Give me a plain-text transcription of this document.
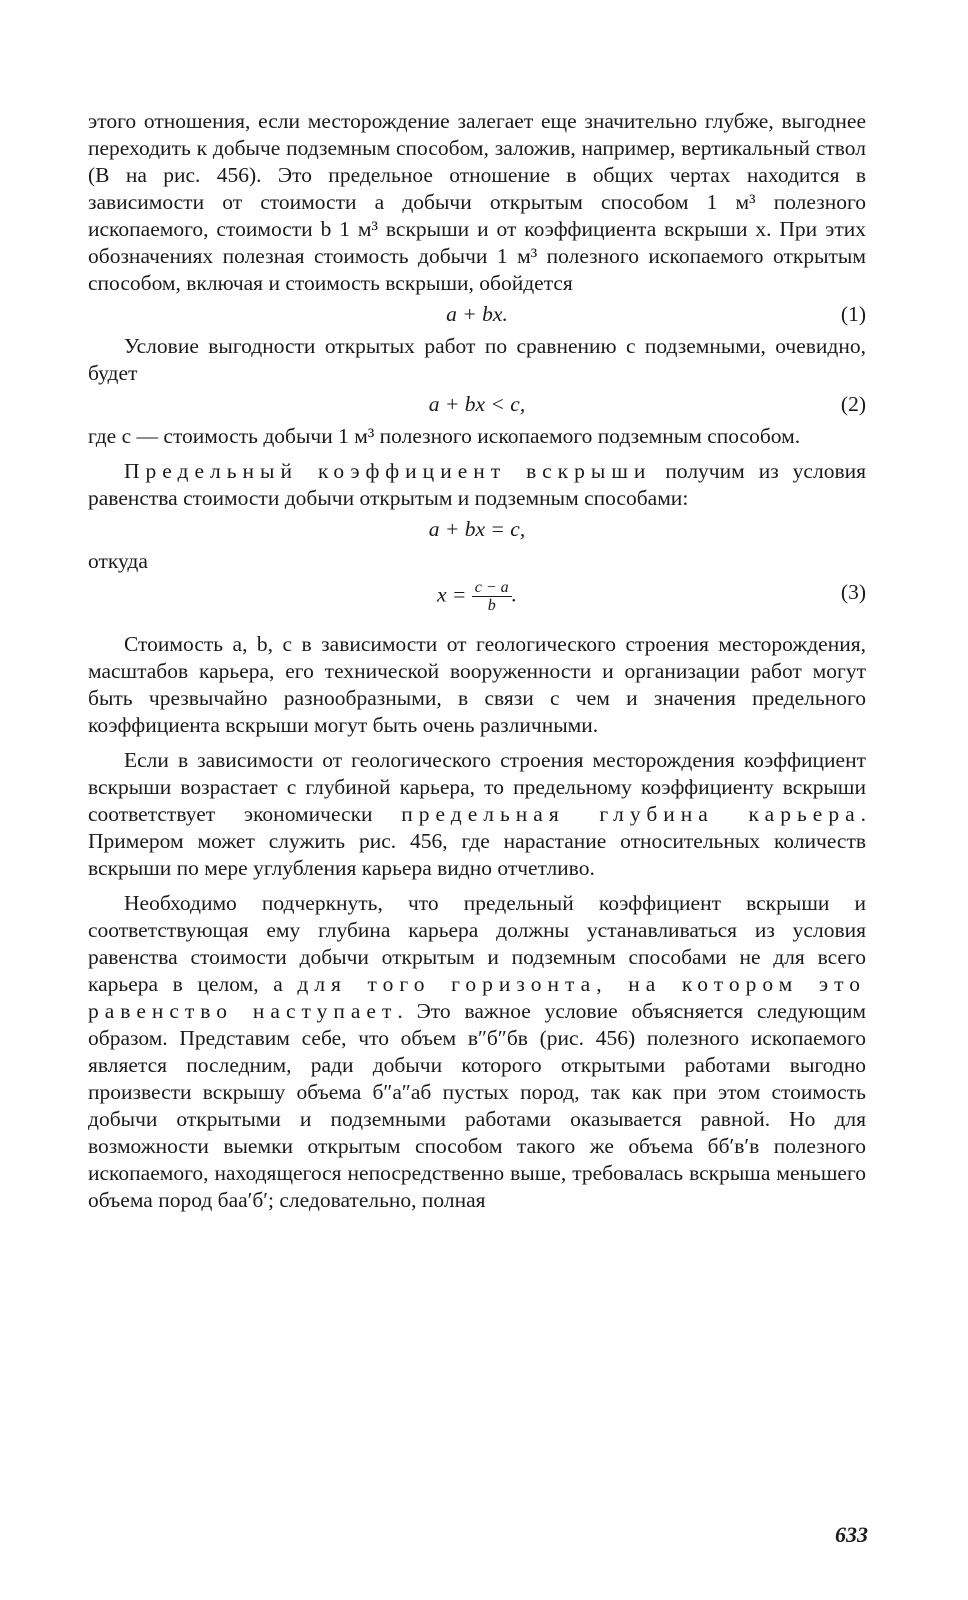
этого отношения, если месторождение залегает еще значительно глубже, выгоднее переходить к добыче подземным способом, заложив, например, вертикальный ствол (B на рис. 456). Это предельное отношение в общих чертах находится в зависимости от стоимости a добычи открытым способом 1 м³ полезного ископаемого, стоимости b 1 м³ вскрыши и от коэффициента вскрыши x. При этих обозначениях полезная стоимость добычи 1 м³ полезного ископаемого открытым способом, включая и стоимость вскрыши, обойдется

a + bx.	(1)

Условие выгодности открытых работ по сравнению с подземными, очевидно, будет

a + bx < c,	(2)

где c — стоимость добычи 1 м³ полезного ископаемого подземным способом.

Предельный коэффициент вскрыши получим из условия равенства стоимости добычи открытым и подземным способами:

a + bx = c,

откуда

$x = \frac{c - a}{b}$ .	(3)

Стоимость a, b, c в зависимости от геологического строения месторождения, масштабов карьера, его технической вооруженности и организации работ могут быть чрезвычайно разнообразными, в связи с чем и значения предельного коэффициента вскрыши могут быть очень различными.

Если в зависимости от геологического строения месторождения коэффициент вскрыши возрастает с глубиной карьера, то предельному коэффициенту вскрыши соответствует экономически предельная глубина карьера. Примером может служить рис. 456, где нарастание относительных количеств вскрыши по мере углубления карьера видно отчетливо.

Необходимо подчеркнуть, что предельный коэффициент вскрыши и соответствующая ему глубина карьера должны устанавливаться из условия равенства стоимости добычи открытым и подземным способами не для всего карьера в целом, а для того горизонта, на котором это равенство наступает. Это важное условие объясняется следующим образом. Представим себе, что объем в″б″бв (рис. 456) полезного ископаемого является последним, ради добычи которого открытыми работами выгодно произвести вскрышу объема б″а″аб пустых пород, так как при этом стоимость добычи открытыми и подземными работами оказывается равной. Но для возможности выемки открытым способом такого же объема бб′в′в полезного ископаемого, находящегося непосредственно выше, требовалась вскрыша меньшего объема пород баа′б′; следовательно, полная

633
